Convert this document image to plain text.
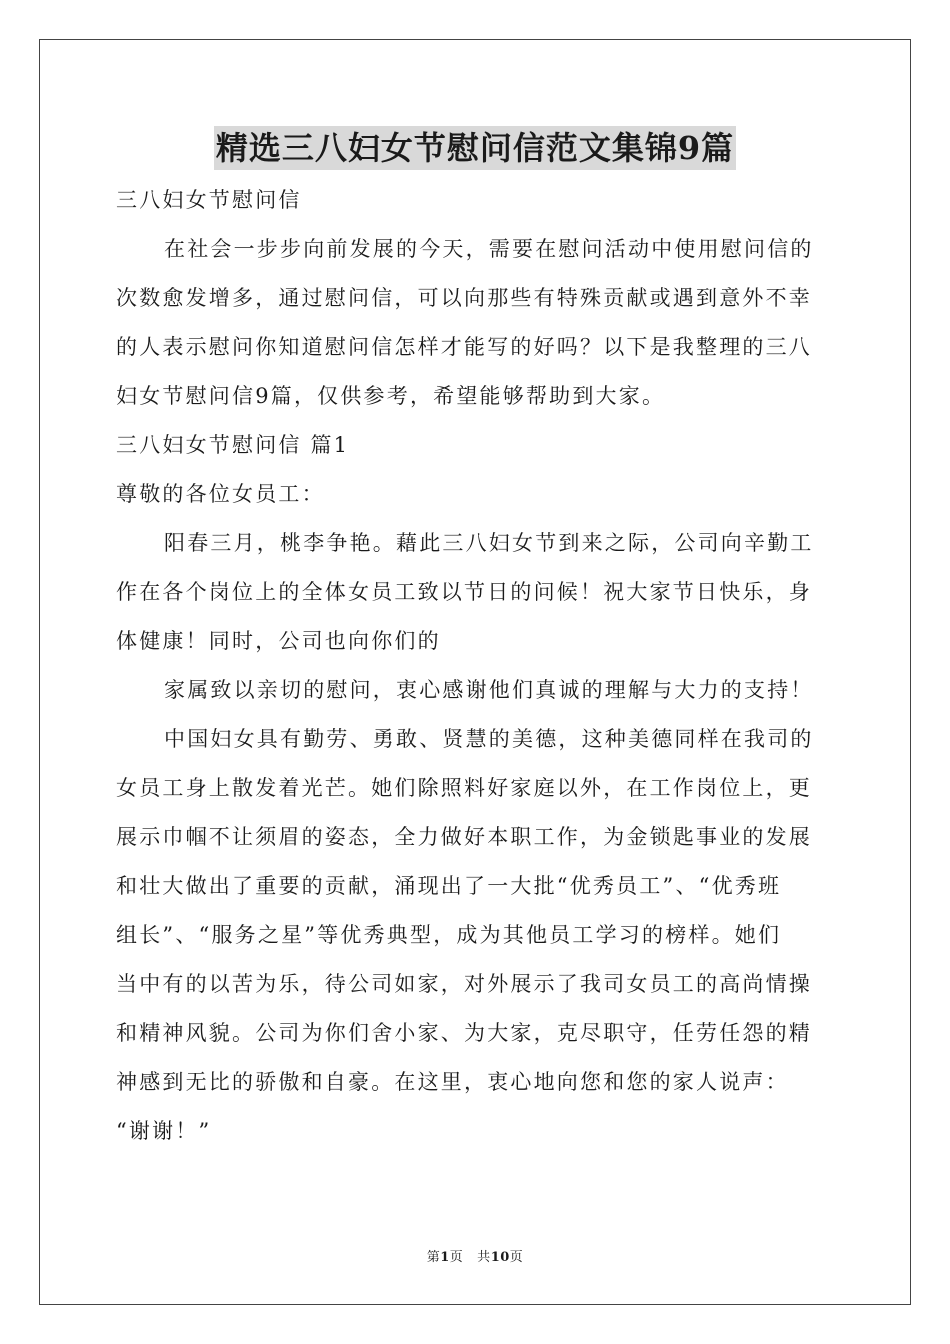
精选三八妇女节慰问信范文集锦9篇
三八妇女节慰问信
在社会一步步向前发展的今天，需要在慰问活动中使用慰问信的
次数愈发增多，通过慰问信，可以向那些有特殊贡献或遇到意外不幸
的人表示慰问你知道慰问信怎样才能写的好吗？以下是我整理的三八
妇女节慰问信9篇，仅供参考，希望能够帮助到大家。
三八妇女节慰问信 篇1
尊敬的各位女员工：
阳春三月，桃李争艳。藉此三八妇女节到来之际，公司向辛勤工
作在各个岗位上的全体女员工致以节日的问候！祝大家节日快乐，身
体健康！同时，公司也向你们的
家属致以亲切的慰问，衷心感谢他们真诚的理解与大力的支持！
中国妇女具有勤劳、勇敢、贤慧的美德，这种美德同样在我司的
女员工身上散发着光芒。她们除照料好家庭以外，在工作岗位上，更
展示巾帼不让须眉的姿态，全力做好本职工作，为金锁匙事业的发展
和壮大做出了重要的贡献，涌现出了一大批“优秀员工”、“优秀班
组长”、“服务之星”等优秀典型，成为其他员工学习的榜样。她们
当中有的以苦为乐，待公司如家，对外展示了我司女员工的高尚情操
和精神风貌。公司为你们舍小家、为大家，克尽职守，任劳任怨的精
神感到无比的骄傲和自豪。在这里，衷心地向您和您的家人说声：
“谢谢！”
第1页 共10页
